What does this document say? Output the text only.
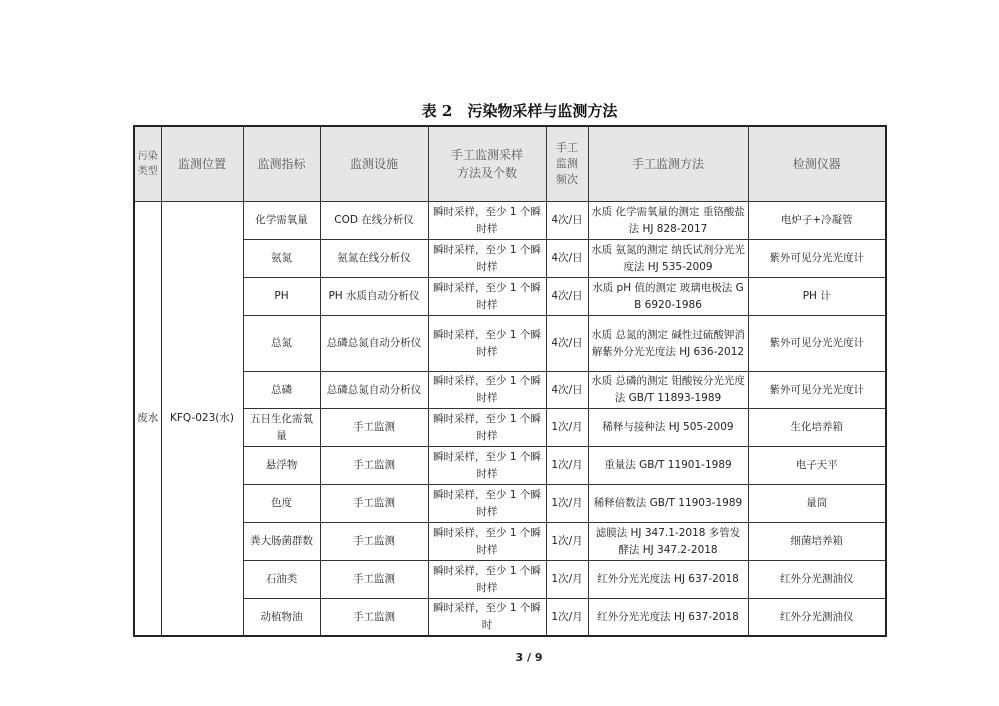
表 2　污染物采样与监测方法
污染类型	监测位置	监测指标	监测设施	手工监测采样方法及个数	手工监测频次	手工监测方法	检测仪器
废水	KFQ-023(水)	化学需氧量	COD 在线分析仪	瞬时采样，至少 1 个瞬时样	4次/日	水质 化学需氧量的测定 重铬酸盐法 HJ 828-2017	电炉子+冷凝管
		氨氮	氨氮在线分析仪	瞬时采样，至少 1 个瞬时样	4次/日	水质 氨氮的测定 纳氏试剂分光光度法 HJ 535-2009	紫外可见分光光度计
		PH	PH 水质自动分析仪	瞬时采样，至少 1 个瞬时样	4次/日	水质 pH 值的测定 玻璃电极法 GB 6920-1986	PH 计
		总氮	总磷总氮自动分析仪	瞬时采样，至少 1 个瞬时样	4次/日	水质 总氮的测定 碱性过硫酸钾消解紫外分光光度法 HJ 636-2012	紫外可见分光光度计
		总磷	总磷总氮自动分析仪	瞬时采样，至少 1 个瞬时样	4次/日	水质 总磷的测定 钼酸铵分光光度法 GB/T 11893-1989	紫外可见分光光度计
		五日生化需氧量	手工监测	瞬时采样，至少 1 个瞬时样	1次/月	稀释与接种法 HJ 505-2009	生化培养箱
		悬浮物	手工监测	瞬时采样，至少 1 个瞬时样	1次/月	重量法 GB/T 11901-1989	电子天平
		色度	手工监测	瞬时采样，至少 1 个瞬时样	1次/月	稀释倍数法 GB/T 11903-1989	量筒
		粪大肠菌群数	手工监测	瞬时采样，至少 1 个瞬时样	1次/月	滤膜法 HJ 347.1-2018 多管发酵法 HJ 347.2-2018	细菌培养箱
		石油类	手工监测	瞬时采样，至少 1 个瞬时样	1次/月	红外分光光度法 HJ 637-2018	红外分光测油仪
		动植物油	手工监测	瞬时采样，至少 1 个瞬时	1次/月	红外分光光度法 HJ 637-2018	红外分光测油仪
3 / 9
